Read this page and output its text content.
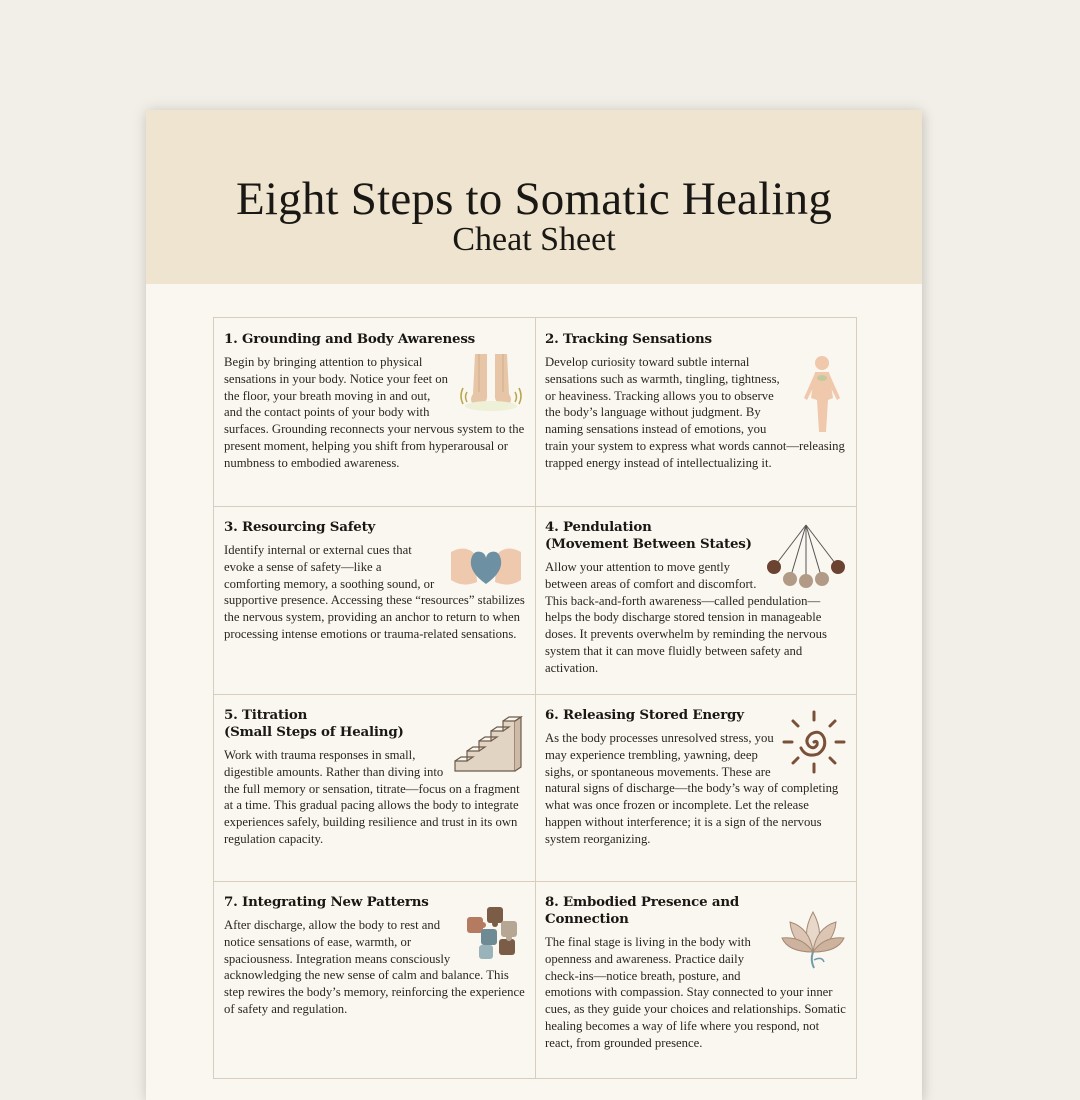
Eight Steps to Somatic Healing
Cheat Sheet
1. Grounding and Body Awareness
Begin by bringing attention to physical sensations in your body. Notice your feet on the floor, your breath moving in and out, and the contact points of your body with surfaces. Grounding reconnects your nervous system to the present moment, helping you shift from hyperarousal or numbness to embodied awareness.
2. Tracking Sensations
Develop curiosity toward subtle internal sensations such as warmth, tingling, tightness, or heaviness. Tracking allows you to observe the body’s language without judgment. By naming sensations instead of emotions, you train your system to express what words cannot—releasing trapped energy instead of intellectualizing it.
3. Resourcing Safety
Identify internal or external cues that evoke a sense of safety—like a comforting memory, a soothing sound, or supportive presence. Accessing these “resources” stabilizes the nervous system, providing an anchor to return to when processing intense emotions or trauma-related sensations.
4. Pendulation
(Movement Between States)
Allow your attention to move gently between areas of comfort and discomfort. This back-and-forth awareness—called pendulation—helps the body discharge stored tension in manageable doses. It prevents overwhelm by reminding the nervous system that it can move fluidly between safety and activation.
5. Titration
(Small Steps of Healing)
Work with trauma responses in small, digestible amounts. Rather than diving into the full memory or sensation, titrate—focus on a fragment at a time. This gradual pacing allows the body to integrate experiences safely, building resilience and trust in its own regulation capacity.
6. Releasing Stored Energy
As the body processes unresolved stress, you may experience trembling, yawning, deep sighs, or spontaneous movements. These are natural signs of discharge—the body’s way of completing what was once frozen or incomplete. Let the release happen without interference; it is a sign of the nervous system reorganizing.
7. Integrating New Patterns
After discharge, allow the body to rest and notice sensations of ease, warmth, or spaciousness. Integration means consciously acknowledging the new sense of calm and balance. This step rewires the body’s memory, reinforcing the experience of safety and regulation.
8. Embodied Presence and
Connection
The final stage is living in the body with openness and awareness. Practice daily check-ins—notice breath, posture, and emotions with compassion. Stay connected to your inner cues, as they guide your choices and relationships. Somatic healing becomes a way of life where you respond, not react, from grounded presence.
